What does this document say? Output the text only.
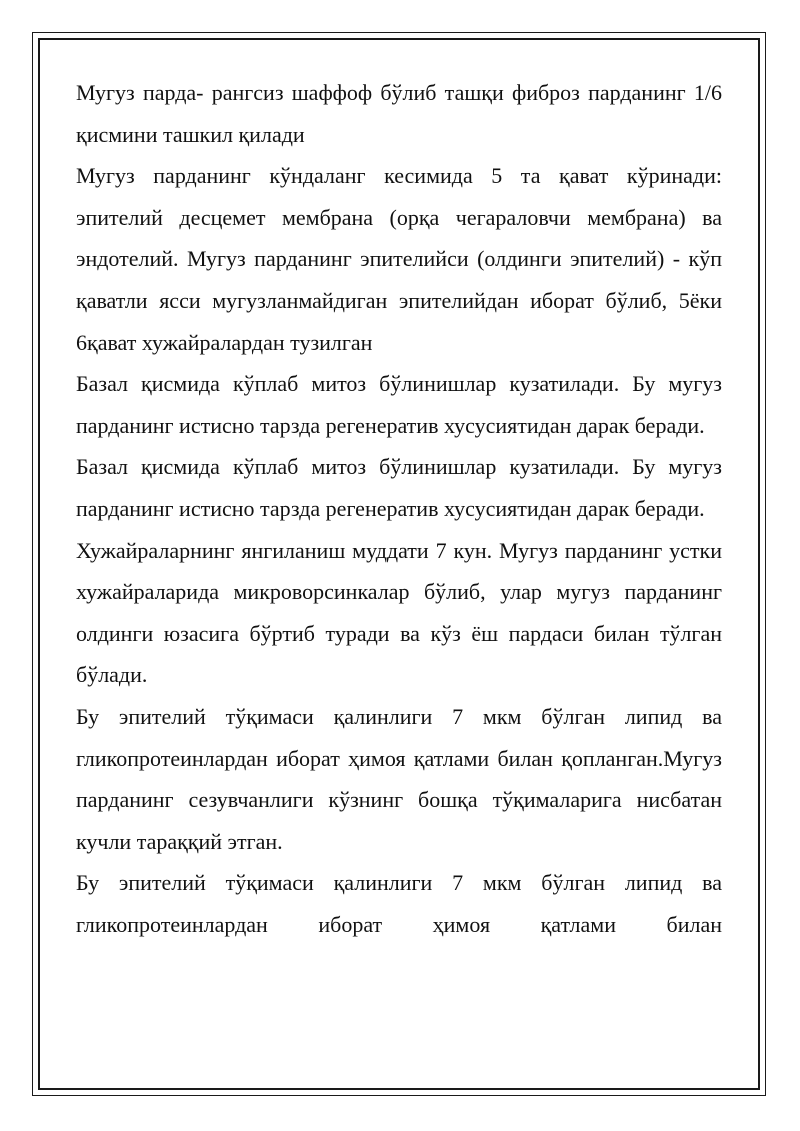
Мугуз парда- рангсиз шаффоф бўлиб ташқи фиброз парданинг 1/6 қисмини ташкил қилади

Мугуз парданинг кўндаланг кесимида 5 та қават кўринади: эпителий десцемет мембрана (орқа чегараловчи мембрана) ва эндотелий. Мугуз парданинг эпителийси (олдинги эпителий) - кўп қаватли ясси мугузланмайдиган эпителийдан иборат бўлиб, 5ёки 6қават хужайралардан тузилган

Базал қисмида кўплаб митоз бўлинишлар кузатилади. Бу мугуз парданинг истисно тарзда регенератив хусусиятидан дарак беради.

Базал қисмида кўплаб митоз бўлинишлар кузатилади. Бу мугуз парданинг истисно тарзда регенератив хусусиятидан дарак беради.

Хужайраларнинг янгиланиш муддати 7 кун. Мугуз парданинг устки хужайраларида микроворсинкалар бўлиб, улар мугуз парданинг олдинги юзасига бўртиб туради ва кўз ёш пардаси билан тўлган бўлади.

Бу эпителий тўқимаси қалинлиги 7 мкм бўлган липид ва гликопротеинлардан иборат ҳимоя қатлами билан қопланган.Мугуз парданинг сезувчанлиги кўзнинг бошқа тўқималарига нисбатан кучли тараққий этган.

Бу эпителий тўқимаси қалинлиги 7 мкм бўлган липид ва гликопротеинлардан иборат ҳимоя қатлами билан
